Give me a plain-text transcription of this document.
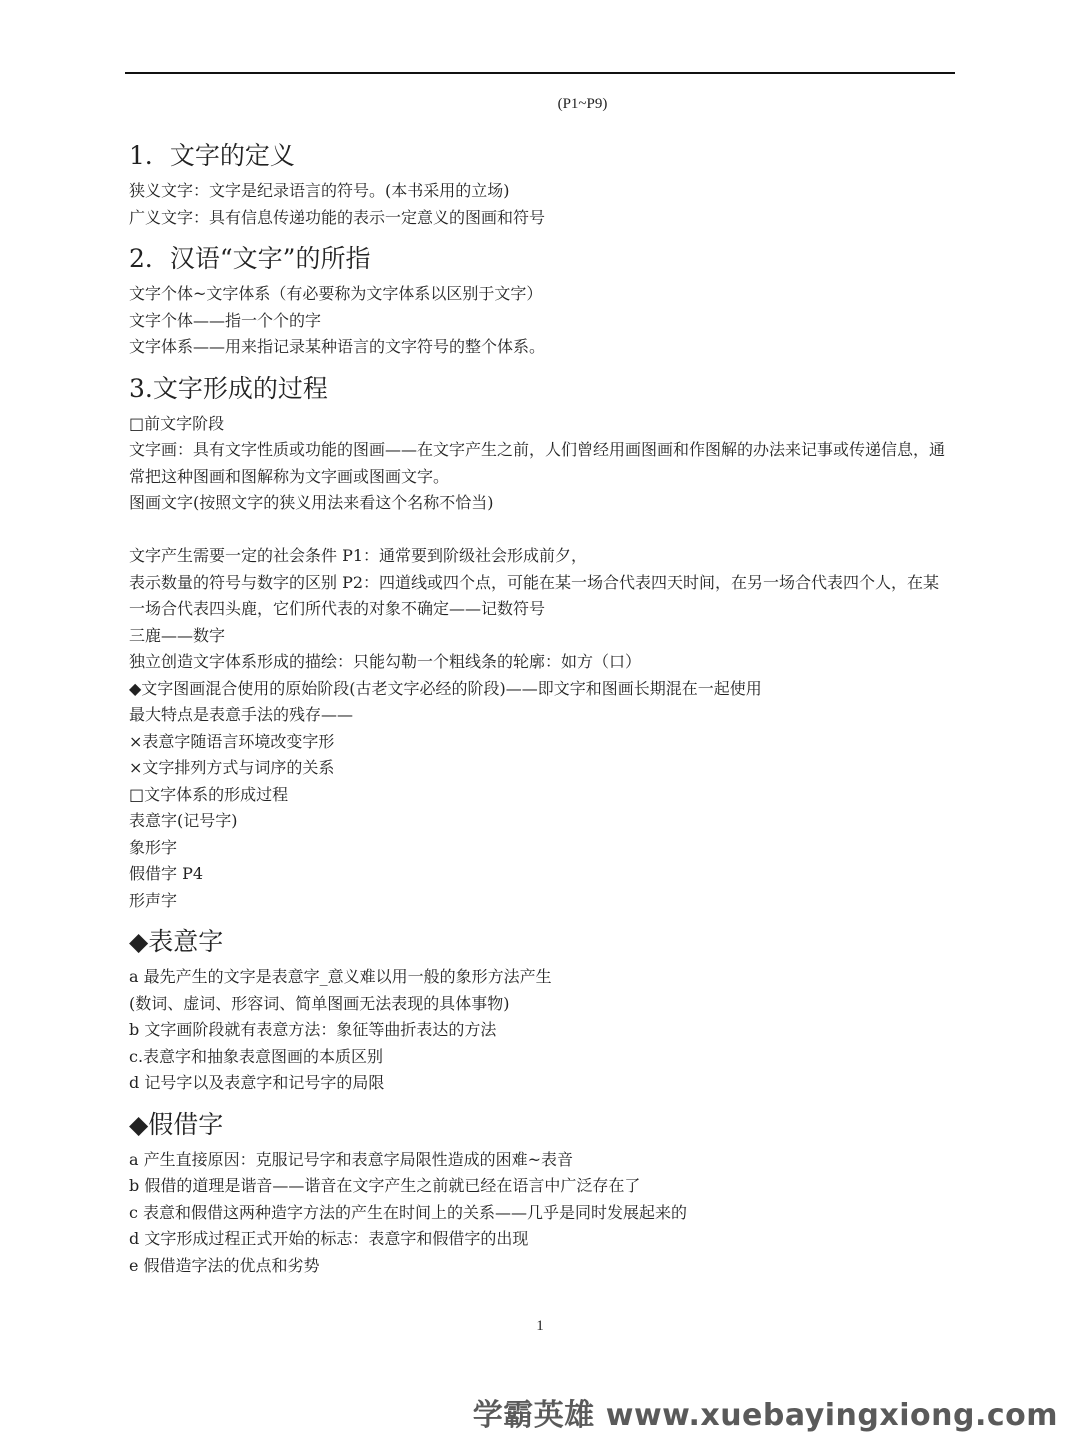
(P1~P9)
1．文字的定义

狭义文字：文字是纪录语言的符号。(本书采用的立场)

广义文字：具有信息传递功能的表示一定意义的图画和符号

2．汉语“文字”的所指

文字个体~文字体系（有必要称为文字体系以区别于文字）

文字个体——指一个个的字

文字体系——用来指记录某种语言的文字符号的整个体系。

3.文字形成的过程

□前文字阶段

文字画：具有文字性质或功能的图画——在文字产生之前，人们曾经用画图画和作图解的办法来记事或传递信息，通常把这种图画和图解称为文字画或图画文字。

图画文字(按照文字的狭义用法来看这个名称不恰当)

文字产生需要一定的社会条件 P1：通常要到阶级社会形成前夕，

表示数量的符号与数字的区别 P2：四道线或四个点，可能在某一场合代表四天时间，在另一场合代表四个人，在某一场合代表四头鹿，它们所代表的对象不确定——记数符号

三鹿——数字

独立创造文字体系形成的描绘：只能勾勒一个粗线条的轮廓：如方（口）

◆文字图画混合使用的原始阶段(古老文字必经的阶段)——即文字和图画长期混在一起使用

最大特点是表意手法的残存——

×表意字随语言环境改变字形

×文字排列方式与词序的关系

□文字体系的形成过程

表意字(记号字)

象形字

假借字 P4

形声字

◆表意字

a 最先产生的文字是表意字_意义难以用一般的象形方法产生

(数词、虚词、形容词、简单图画无法表现的具体事物)

b 文字画阶段就有表意方法：象征等曲折表达的方法

c.表意字和抽象表意图画的本质区别

d 记号字以及表意字和记号字的局限

◆假借字

a 产生直接原因：克服记号字和表意字局限性造成的困难~表音

b 假借的道理是谐音——谐音在文字产生之前就已经在语言中广泛存在了

c 表意和假借这两种造字方法的产生在时间上的关系——几乎是同时发展起来的

d 文字形成过程正式开始的标志：表意字和假借字的出现

e 假借造字法的优点和劣势

1
学霸英雄 www.xuebayingxiong.com
